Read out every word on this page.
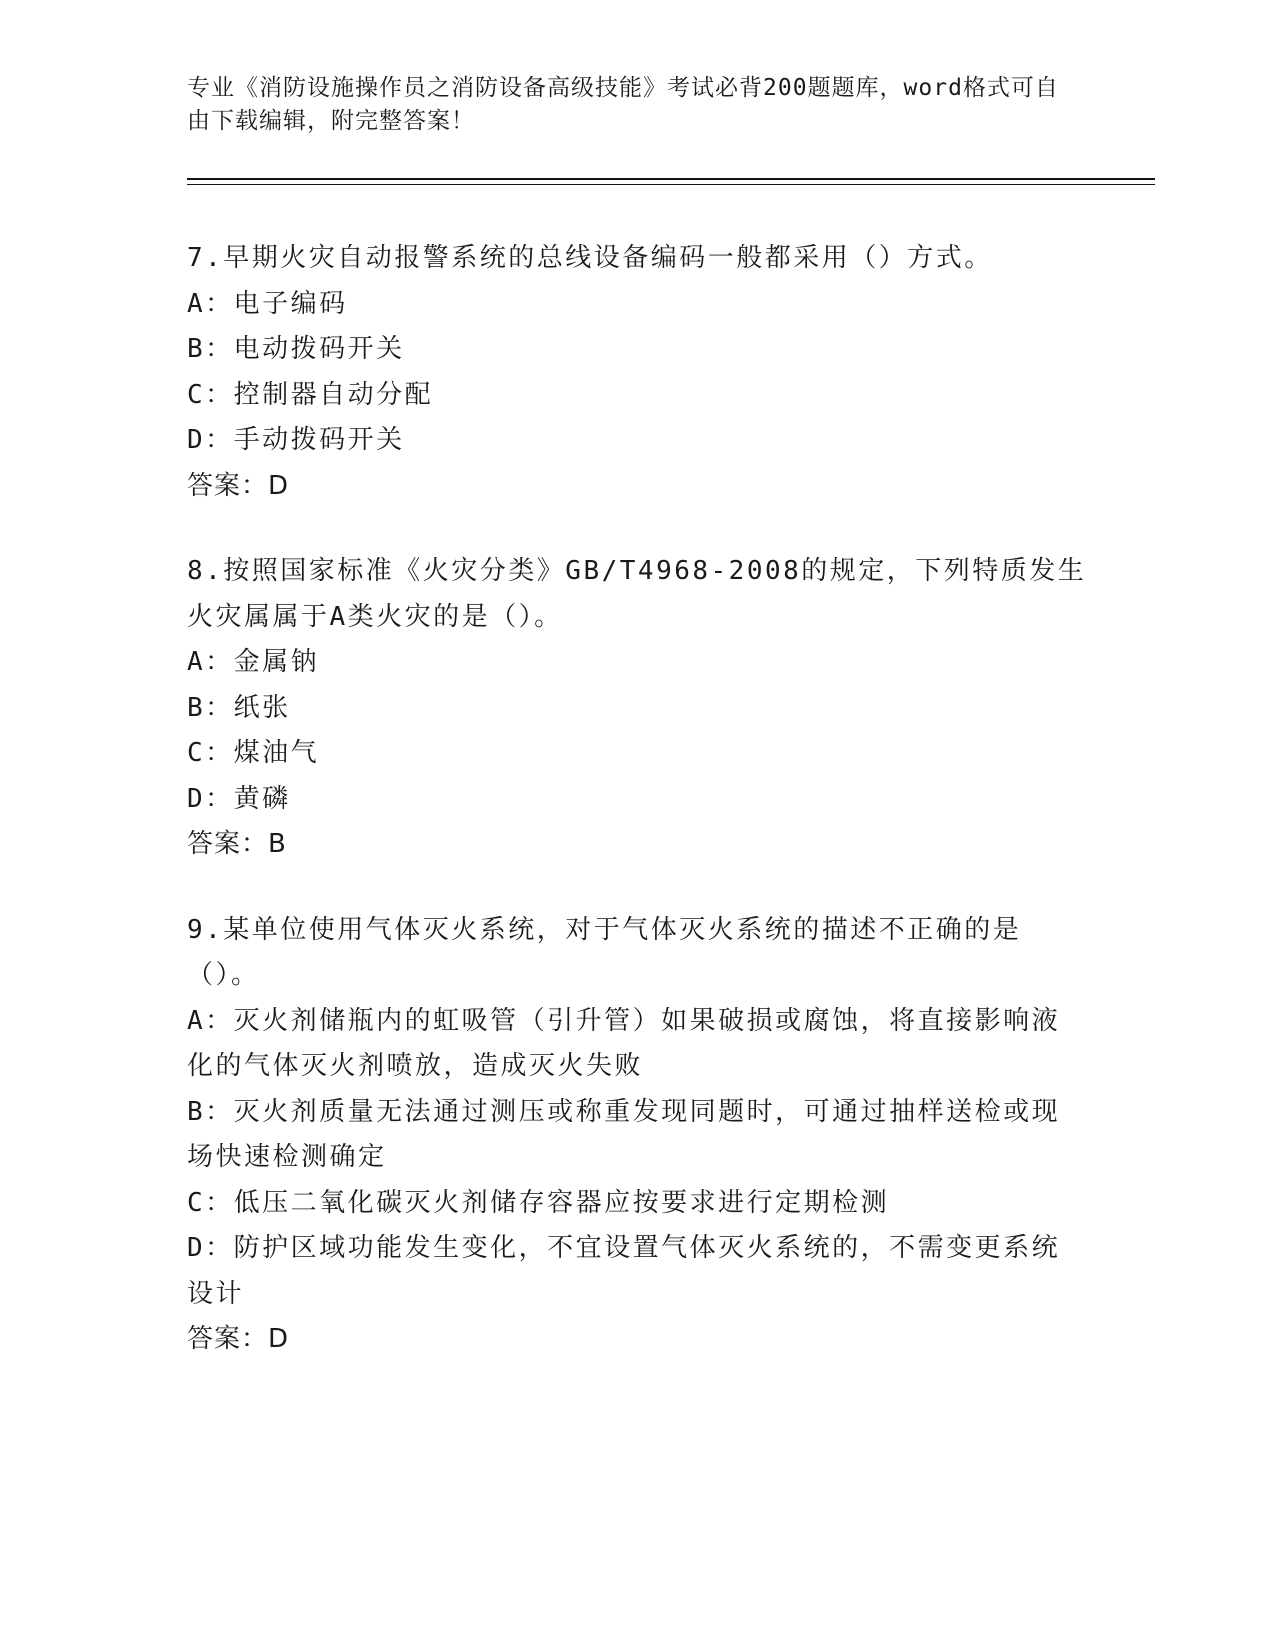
专业《消防设施操作员之消防设备高级技能》考试必背200题题库，word格式可自由下载编辑，附完整答案！
7.早期火灾自动报警系统的总线设备编码一般都采用（）方式。
A：电子编码
B：电动拨码开关
C：控制器自动分配
D：手动拨码开关
答案：D
8.按照国家标准《火灾分类》GB/T4968-2008的规定，下列特质发生火灾属属于A类火灾的是（）。
A：金属钠
B：纸张
C：煤油气
D：黄磷
答案：B
9.某单位使用气体灭火系统，对于气体灭火系统的描述不正确的是（）。
A：灭火剂储瓶内的虹吸管（引升管）如果破损或腐蚀，将直接影响液化的气体灭火剂喷放，造成灭火失败
B：灭火剂质量无法通过测压或称重发现同题时，可通过抽样送检或现场快速检测确定
C：低压二氧化碳灭火剂储存容器应按要求进行定期检测
D：防护区域功能发生变化，不宜设置气体灭火系统的，不需变更系统设计
答案：D
